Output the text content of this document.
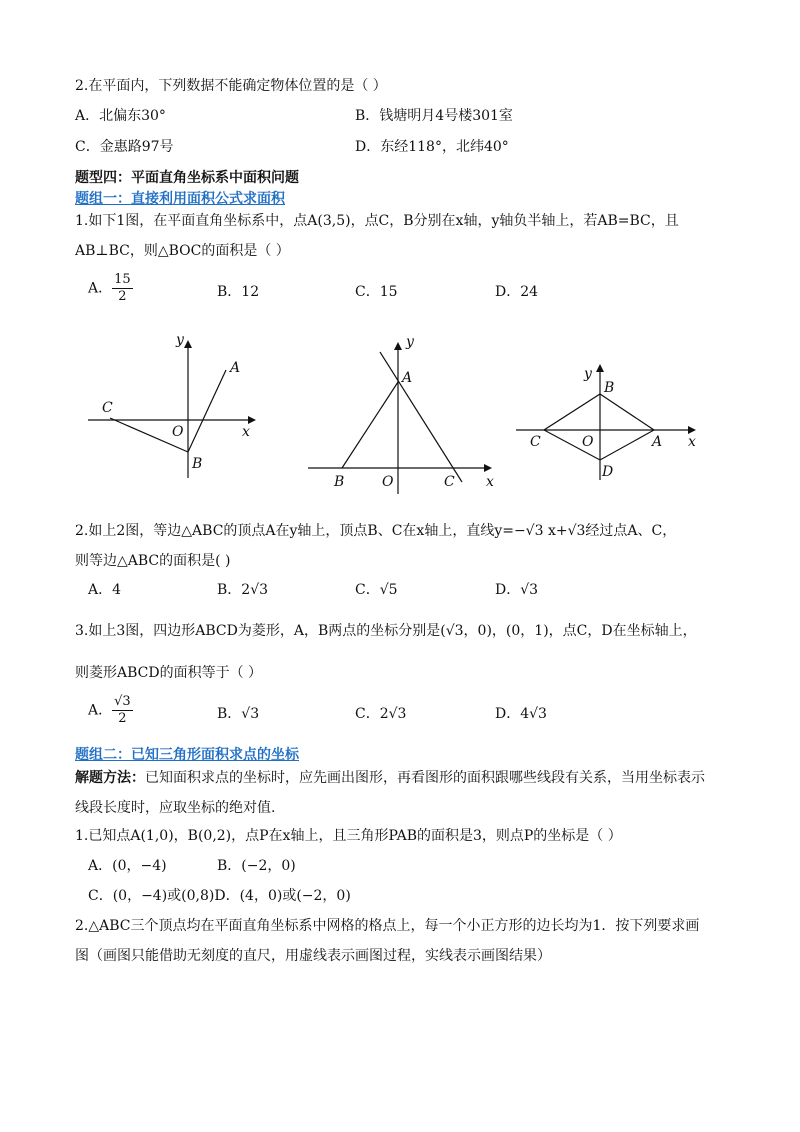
2.在平面内，下列数据不能确定物体位置的是（ ）
A．北偏东30°	B．钱塘明月4号楼301室
C．金惠路97号	D．东经118°，北纬40°
题型四：平面直角坐标系中面积问题
题组一：直接利用面积公式求面积
1.如下1图，在平面直角坐标系中，点A(3,5)，点C，B分别在x轴，y轴负半轴上，若AB=BC，且
AB⊥BC，则△BOC的面积是（ ）
A． $\frac{15}{2}$	B．12	C．15	D．24
y
x
A
C
O
B
y
x
A
B	O	C
y
x
A
B
C	O
D
2.如上2图，等边△ABC的顶点A在y轴上，顶点B、C在x轴上，直线y=−√3 x+√3经过点A、C，
则等边△ABC的面积是( )
A．4	B．2√3	C．√5	D．√3
3.如上3图，四边形ABCD为菱形，A，B两点的坐标分别是(√3，0)，(0，1)，点C，D在坐标轴上，
则菱形ABCD的面积等于（ ）
A． $\frac{√3}{2}$	B．√3	C．2√3	D．4√3
题组二：已知三角形面积求点的坐标
解题方法：已知面积求点的坐标时，应先画出图形，再看图形的面积跟哪些线段有关系，当用坐标表示
线段长度时，应取坐标的绝对值.
1.已知点A(1,0)，B(0,2)，点P在x轴上，且三角形PAB的面积是3，则点P的坐标是（ ）
A．(0，−4)	B．(−2，0)
C．(0，−4)或(0,8)D．(4，0)或(−2，0)
2.△ABC三个顶点均在平面直角坐标系中网格的格点上，每一个小正方形的边长均为1．按下列要求画
图（画图只能借助无刻度的直尺，用虚线表示画图过程，实线表示画图结果）
